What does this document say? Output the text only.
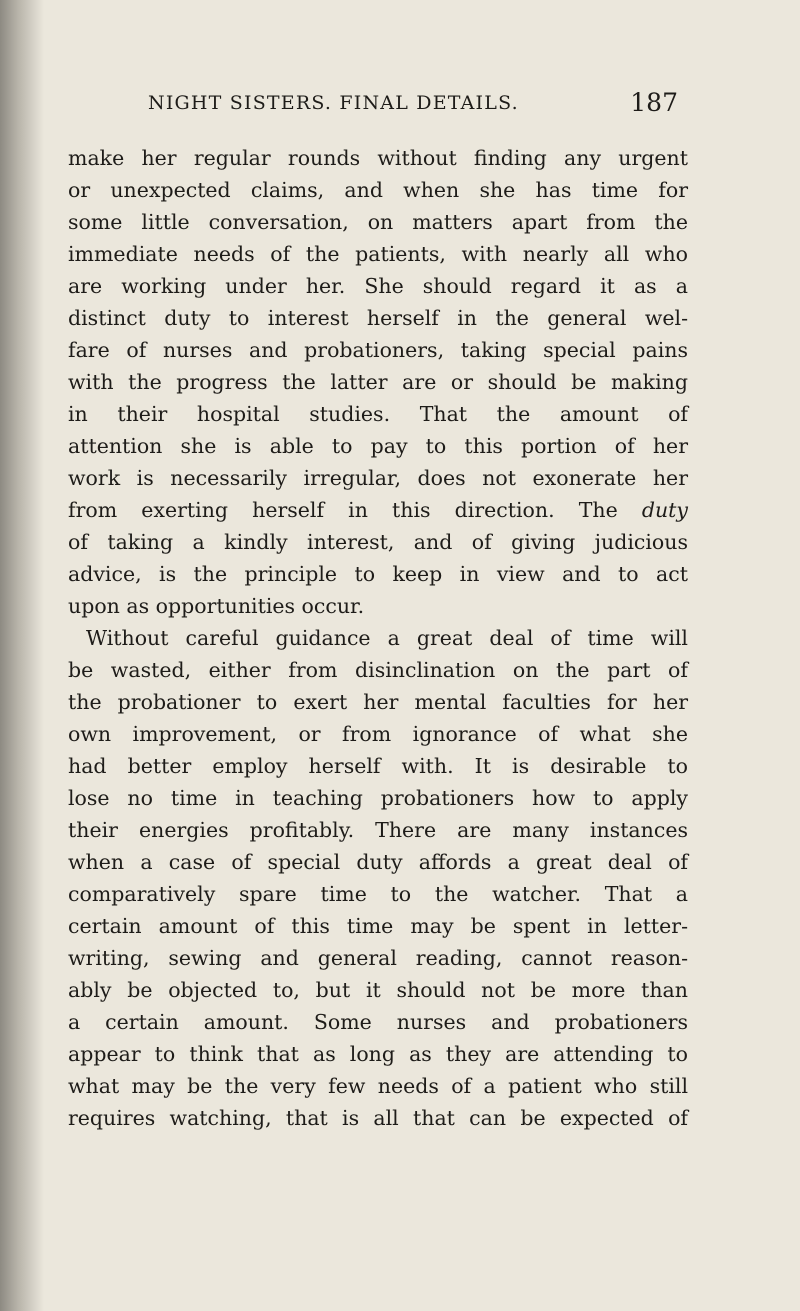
NIGHT SISTERS. FINAL DETAILS.	187
make her regular rounds without finding any urgent
or unexpected claims, and when she has time for
some little conversation, on matters apart from the
immediate needs of the patients, with nearly all who
are working under her. She should regard it as a
distinct duty to interest herself in the general wel-
fare of nurses and probationers, taking special pains
with the progress the latter are or should be making
in their hospital studies. That the amount of
attention she is able to pay to this portion of her
work is necessarily irregular, does not exonerate her
from exerting herself in this direction. The duty
of taking a kindly interest, and of giving judicious
advice, is the principle to keep in view and to act
upon as opportunities occur.
Without careful guidance a great deal of time will
be wasted, either from disinclination on the part of
the probationer to exert her mental faculties for her
own improvement, or from ignorance of what she
had better employ herself with. It is desirable to
lose no time in teaching probationers how to apply
their energies profitably. There are many instances
when a case of special duty affords a great deal of
comparatively spare time to the watcher. That a
certain amount of this time may be spent in letter-
writing, sewing and general reading, cannot reason-
ably be objected to, but it should not be more than
a certain amount. Some nurses and probationers
appear to think that as long as they are attending to
what may be the very few needs of a patient who still
requires watching, that is all that can be expected of
